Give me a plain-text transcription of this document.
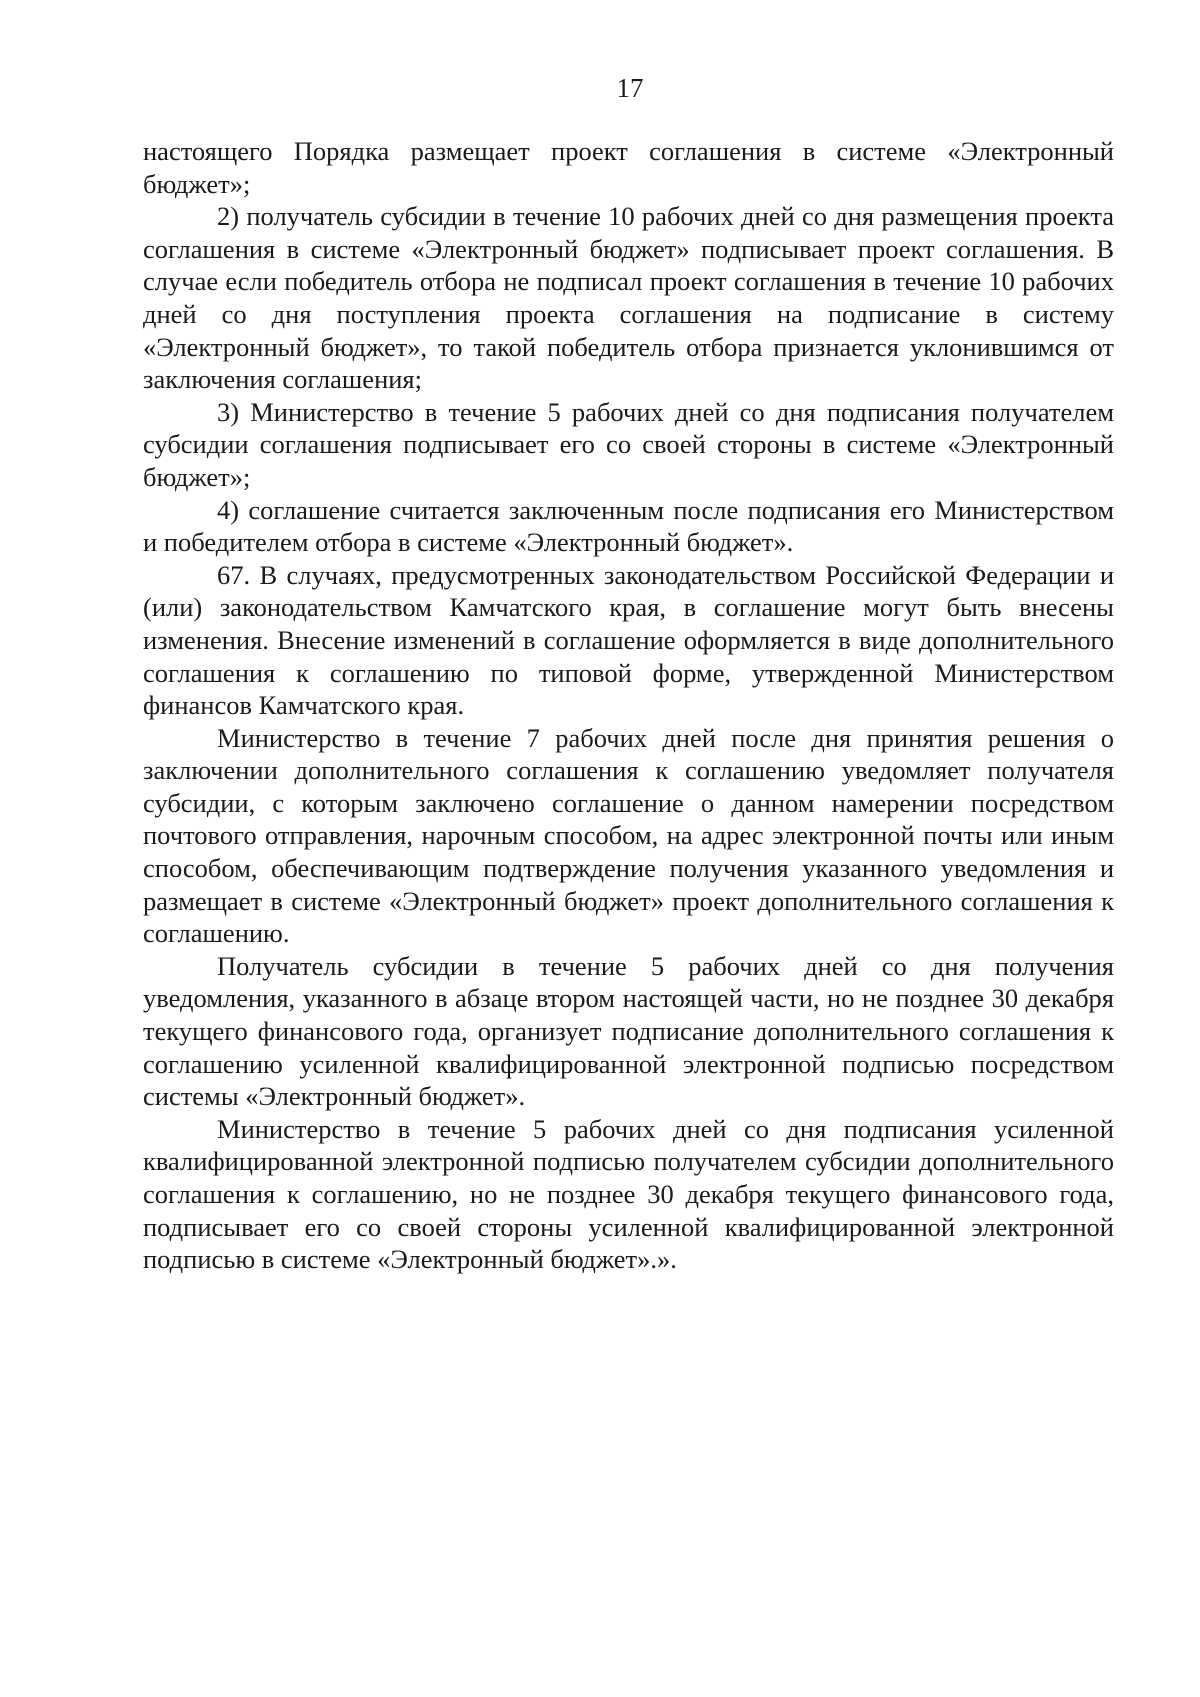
17

настоящего Порядка размещает проект соглашения в системе «Электронный бюджет»;

2) получатель субсидии в течение 10 рабочих дней со дня размещения проекта соглашения в системе «Электронный бюджет» подписывает проект соглашения. В случае если победитель отбора не подписал проект соглашения в течение 10 рабочих дней со дня поступления проекта соглашения на подписание в систему «Электронный бюджет», то такой победитель отбора признается уклонившимся от заключения соглашения;

3) Министерство в течение 5 рабочих дней со дня подписания получателем субсидии соглашения подписывает его со своей стороны в системе «Электронный бюджет»;

4) соглашение считается заключенным после подписания его Министерством и победителем отбора в системе «Электронный бюджет».

67. В случаях, предусмотренных законодательством Российской Федерации и (или) законодательством Камчатского края, в соглашение могут быть внесены изменения. Внесение изменений в соглашение оформляется в виде дополнительного соглашения к соглашению по типовой форме, утвержденной Министерством финансов Камчатского края.

Министерство в течение 7 рабочих дней после дня принятия решения о заключении дополнительного соглашения к соглашению уведомляет получателя субсидии, с которым заключено соглашение о данном намерении посредством почтового отправления, нарочным способом, на адрес электронной почты или иным способом, обеспечивающим подтверждение получения указанного уведомления и размещает в системе «Электронный бюджет» проект дополнительного соглашения к соглашению.

Получатель субсидии в течение 5 рабочих дней со дня получения уведомления, указанного в абзаце втором настоящей части, но не позднее 30 декабря текущего финансового года, организует подписание дополнительного соглашения к соглашению усиленной квалифицированной электронной подписью посредством системы «Электронный бюджет».

Министерство в течение 5 рабочих дней со дня подписания усиленной квалифицированной электронной подписью получателем субсидии дополнительного соглашения к соглашению, но не позднее 30 декабря текущего финансового года, подписывает его со своей стороны усиленной квалифицированной электронной подписью в системе «Электронный бюджет».».
